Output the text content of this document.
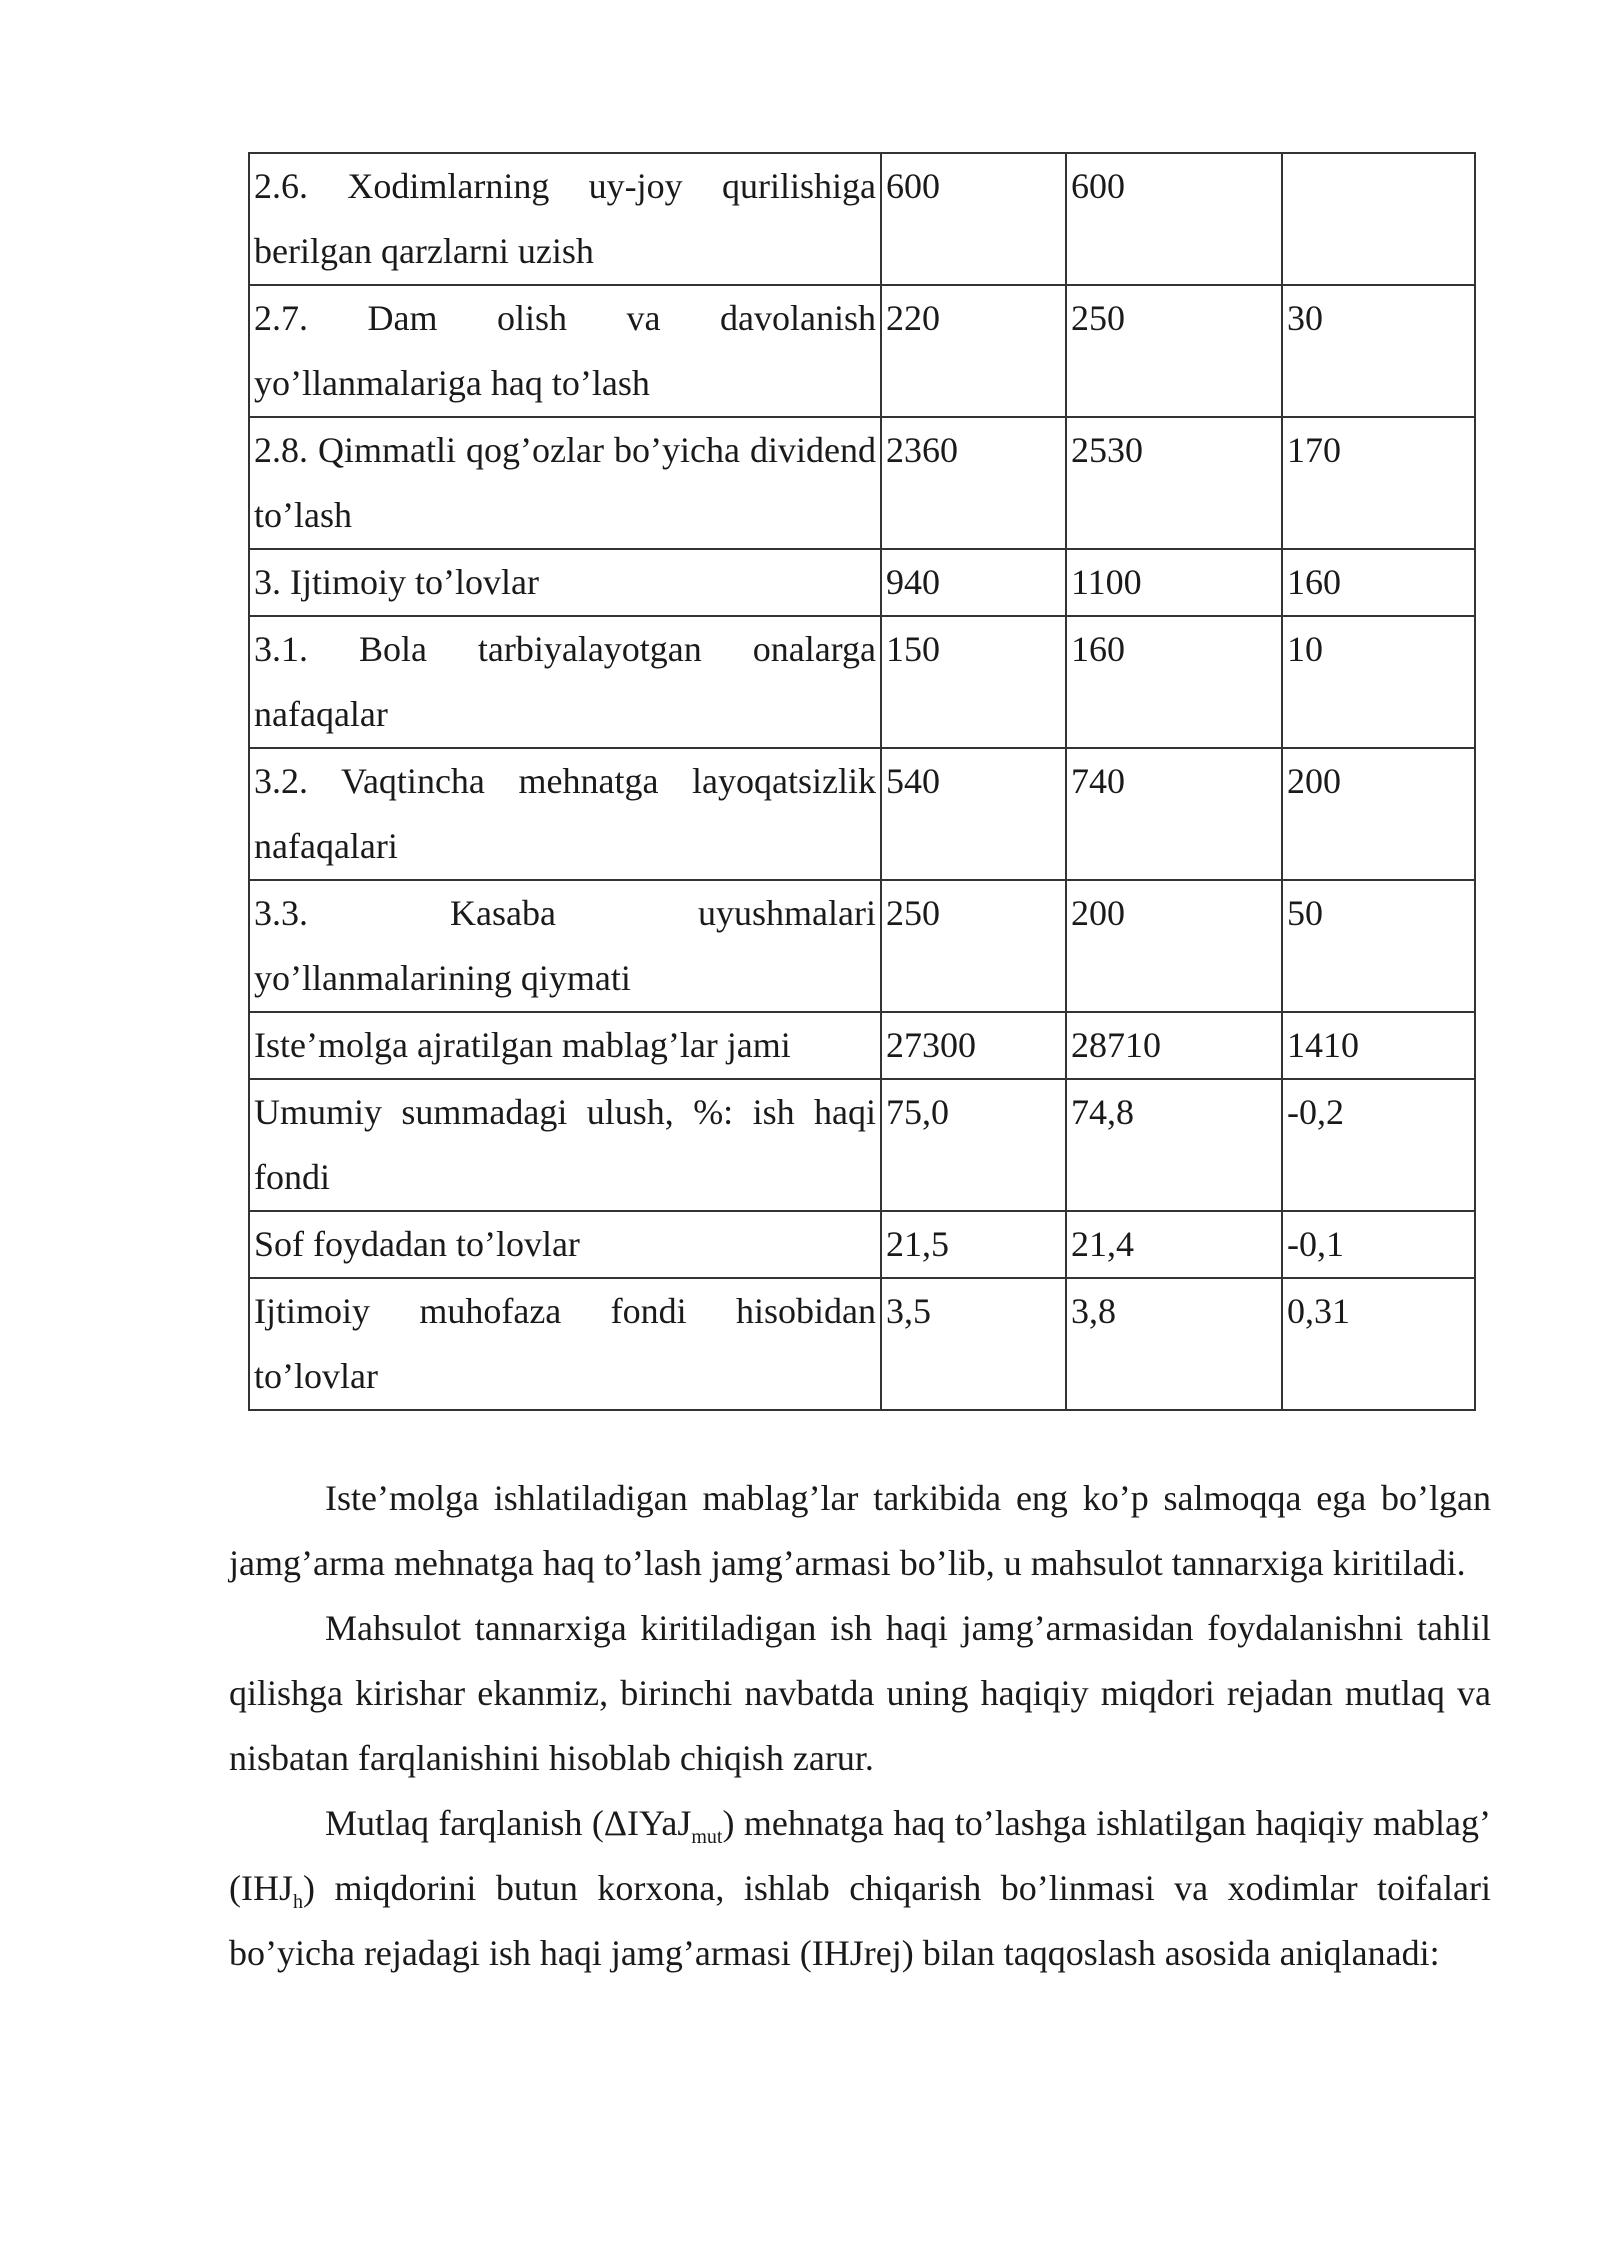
2.6. Xodimlarning uy-joy qurilishiga berilgan qarzlarni uzish	600	600	
2.7. Dam olish va davolanish yo’llanmalariga haq to’lash	220	250	30
2.8. Qimmatli qog’ozlar bo’yicha dividend to’lash	2360	2530	170
3. Ijtimoiy to’lovlar	940	1100	160
3.1. Bola tarbiyalayotgan onalarga nafaqalar	150	160	10
3.2. Vaqtincha mehnatga layoqatsizlik nafaqalari	540	740	200
3.3. Kasaba uyushmalari yo’llanmalarining qiymati	250	200	50
Iste’molga ajratilgan mablag’lar jami	27300	28710	1410
Umumiy summadagi ulush, %: ish haqi fondi	75,0	74,8	-0,2
Sof foydadan to’lovlar	21,5	21,4	-0,1
Ijtimoiy muhofaza fondi hisobidan to’lovlar	3,5	3,8	0,31

Iste’molga ishlatiladigan mablag’lar tarkibida eng ko’p salmoqqa ega bo’lgan jamg’arma mehnatga haq to’lash jamg’armasi bo’lib, u mahsulot tannarxiga kiritiladi.

Mahsulot tannarxiga kiritiladigan ish haqi jamg’armasidan foydalanishni tahlil qilishga kirishar ekanmiz, birinchi navbatda uning haqiqiy miqdori rejadan mutlaq va nisbatan farqlanishini hisoblab chiqish zarur.

Mutlaq farqlanish (ΔIYaJ$_{mut}$) mehnatga haq to’lashga ishlatilgan haqiqiy mablag’ $(IHJ_h)$ miqdorini butun korxona, ishlab chiqarish bo’linmasi va xodimlar toifalari bo’yicha rejadagi ish haqi jamg’armasi (IHJrej) bilan taqqoslash asosida aniqlanadi:
